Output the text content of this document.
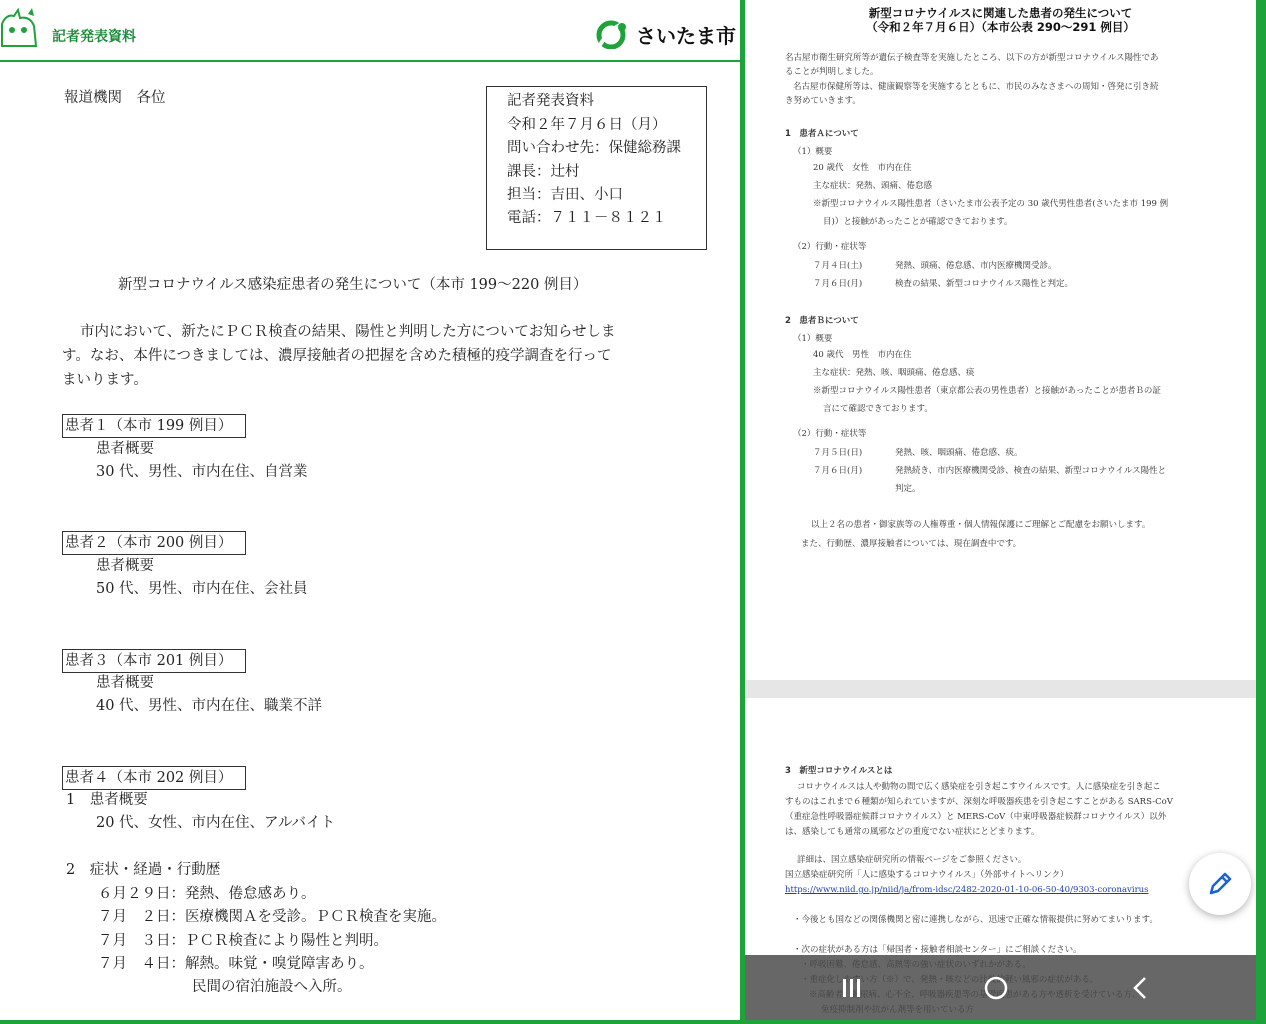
記者発表資料	さいたま市
報道機関　各位	記者発表資料
令和２年７月６日（月）
問い合わせ先：保健総務課
課長：辻村
担当：吉田、小口
電話：７１１－８１２１
新型コロナウイルス感染症患者の発生について（本市 199～220 例目）
市内において、新たにＰＣＲ検査の結果、陽性と判明した方についてお知らせしま
す。なお、本件につきましては、濃厚接触者の把握を含めた積極的疫学調査を行って
まいります。
患者１（本市 199 例目）
患者概要
30 代、男性、市内在住、自営業
患者２（本市 200 例目）
患者概要
50 代、男性、市内在住、会社員
患者３（本市 201 例目）
患者概要
40 代、男性、市内在住、職業不詳
患者４（本市 202 例目）
1　患者概要
20 代、女性、市内在住、アルバイト
2　症状・経過・行動歴
６月２９日：発熱、倦怠感あり。
７月　２日：医療機関Ａを受診。ＰＣＲ検査を実施。
７月　３日：ＰＣＲ検査により陽性と判明。
７月　４日：解熱。味覚・嗅覚障害あり。
民間の宿泊施設へ入所。
新型コロナウイルスに関連した患者の発生について
（令和２年７月６日）（本市公表 290～291 例目）
名古屋市衛生研究所等が遺伝子検査等を実施したところ、以下の方が新型コロナウイルス陽性であ
ることが判明しました。
名古屋市保健所等は、健康観察等を実施するとともに、市民のみなさまへの周知・啓発に引き続
き努めていきます。
1　患者Ａについて
（1）概要
20 歳代　女性　市内在住
主な症状：発熱、頭痛、倦怠感
※新型コロナウイルス陽性患者（さいたま市公表予定の 30 歳代男性患者(さいたま市 199 例
目)）と接触があったことが確認できております。
（2）行動・症状等
７月４日(土)	発熱、頭痛、倦怠感、市内医療機関受診。
７月６日(月)	検査の結果、新型コロナウイルス陽性と判定。
2　患者Ｂについて
（1）概要
40 歳代　男性　市内在住
主な症状：発熱、咳、咽頭痛、倦怠感、痰
※新型コロナウイルス陽性患者（東京都公表の男性患者）と接触があったことが患者Ｂの証
言にて確認できております。
（2）行動・症状等
７月５日(日)	発熱、咳、咽頭痛、倦怠感、痰。
７月６日(月)	発熱続き、市内医療機関受診、検査の結果、新型コロナウイルス陽性と
判定。
以上２名の患者・御家族等の人権尊重・個人情報保護にご理解とご配慮をお願いします。
また、行動歴、濃厚接触者については、現在調査中です。
3　新型コロナウイルスとは
コロナウイルスは人や動物の間で広く感染症を引き起こすウイルスです。人に感染症を引き起こ
すものはこれまで６種類が知られていますが、深刻な呼吸器疾患を引き起こすことがある SARS-CoV
（重症急性呼吸器症候群コロナウイルス）と MERS-CoV（中東呼吸器症候群コロナウイルス）以外
は、感染しても通常の風邪などの重度でない症状にとどまります。
詳細は、国立感染症研究所の情報ページをご参照ください。
国立感染症研究所「人に感染するコロナウイルス」（外部サイトへリンク）
https://www.niid.go.jp/niid/ja/from-idsc/2482-2020-01-10-06-50-40/9303-coronavirus
・今後とも国などの関係機関と密に連携しながら、迅速で正確な情報提供に努めてまいります。
・次の症状がある方は「帰国者・接触者相談センター」にご相談ください。
